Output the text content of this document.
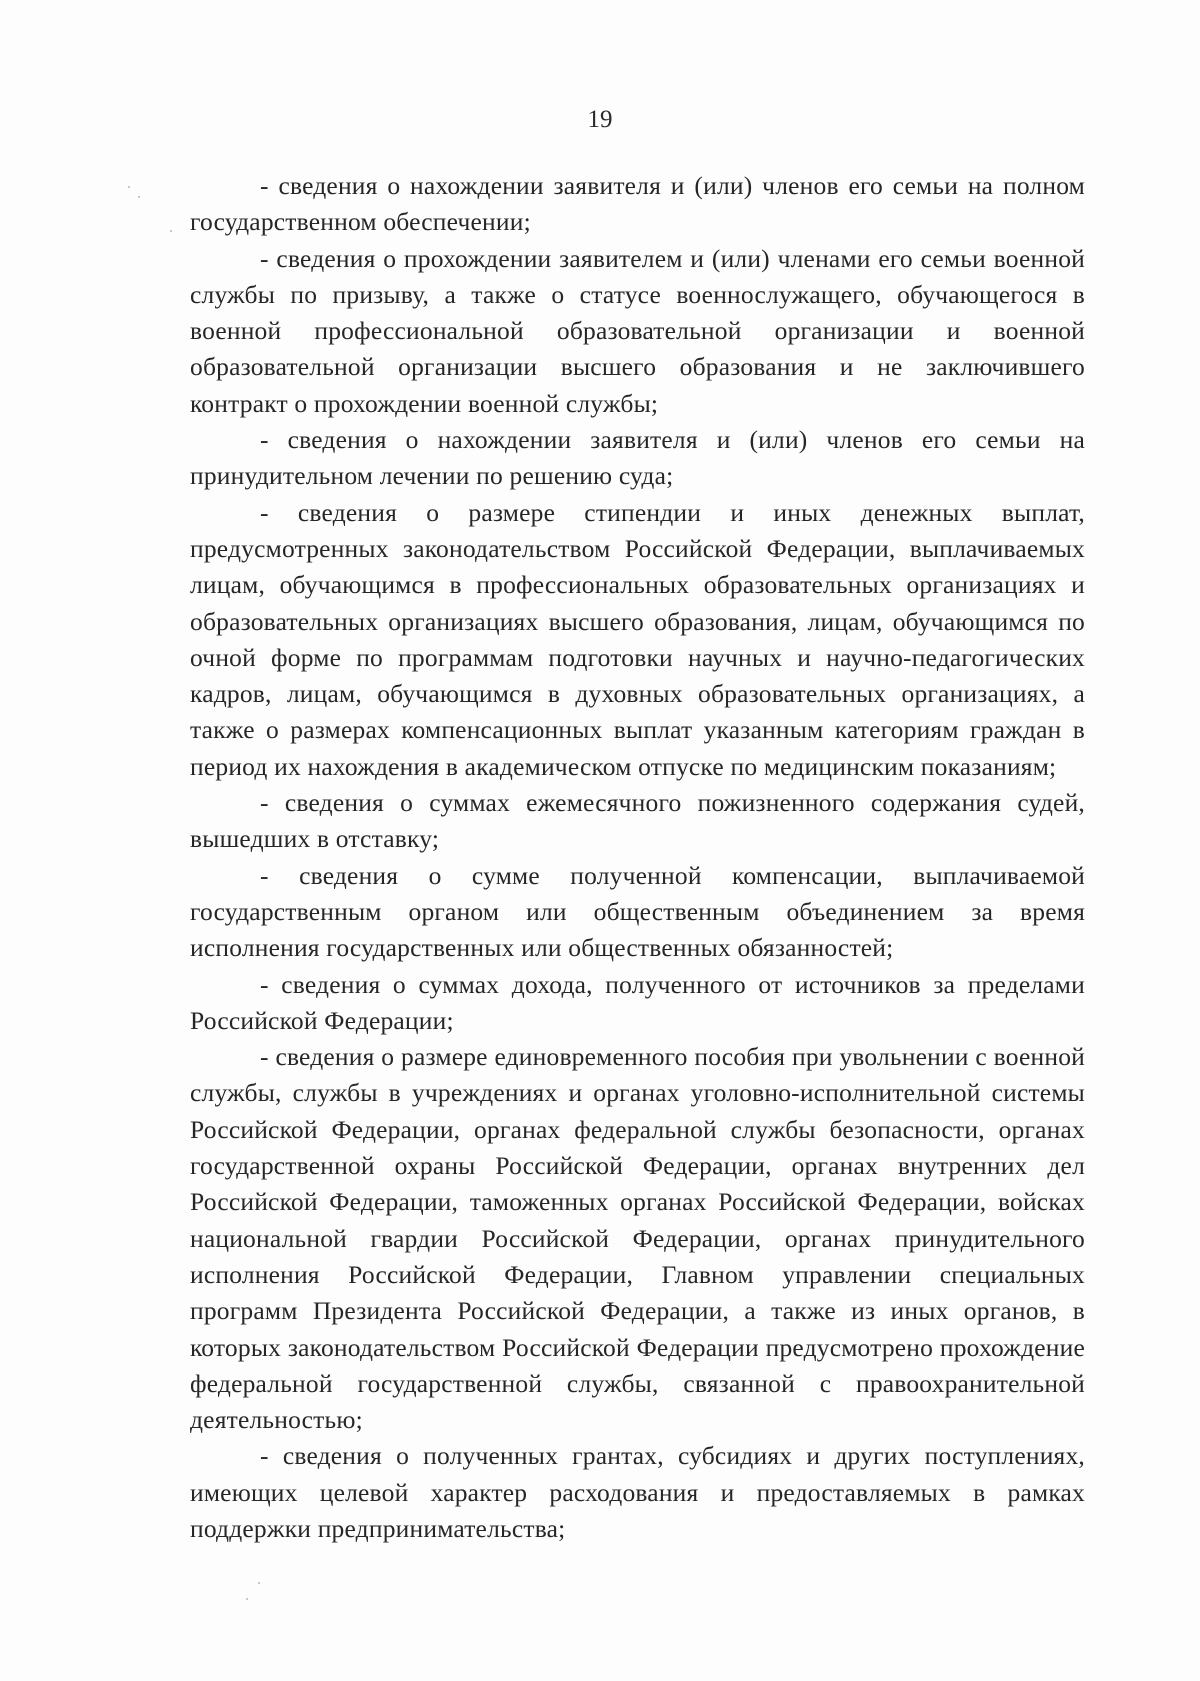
19

- сведения о нахождении заявителя и (или) членов его семьи на полном государственном обеспечении;

- сведения о прохождении заявителем и (или) членами его семьи военной службы по призыву, а также о статусе военнослужащего, обучающегося в военной профессиональной образовательной организации и военной образовательной организации высшего образования и не заключившего контракт о прохождении военной службы;

- сведения о нахождении заявителя и (или) членов его семьи на принудительном лечении по решению суда;

- сведения о размере стипендии и иных денежных выплат, предусмотренных законодательством Российской Федерации, выплачиваемых лицам, обучающимся в профессиональных образовательных организациях и образовательных организациях высшего образования, лицам, обучающимся по очной форме по программам подготовки научных и научно-педагогических кадров, лицам, обучающимся в духовных образовательных организациях, а также о размерах компенсационных выплат указанным категориям граждан в период их нахождения в академическом отпуске по медицинским показаниям;

- сведения о суммах ежемесячного пожизненного содержания судей, вышедших в отставку;

- сведения о сумме полученной компенсации, выплачиваемой государственным органом или общественным объединением за время исполнения государственных или общественных обязанностей;

- сведения о суммах дохода, полученного от источников за пределами Российской Федерации;

- сведения о размере единовременного пособия при увольнении с военной службы, службы в учреждениях и органах уголовно-исполнительной системы Российской Федерации, органах федеральной службы безопасности, органах государственной охраны Российской Федерации, органах внутренних дел Российской Федерации, таможенных органах Российской Федерации, войсках национальной гвардии Российской Федерации, органах принудительного исполнения Российской Федерации, Главном управлении специальных программ Президента Российской Федерации, а также из иных органов, в которых законодательством Российской Федерации предусмотрено прохождение федеральной государственной службы, связанной с правоохранительной деятельностью;

- сведения о полученных грантах, субсидиях и других поступлениях, имеющих целевой характер расходования и предоставляемых в рамках поддержки предпринимательства;
